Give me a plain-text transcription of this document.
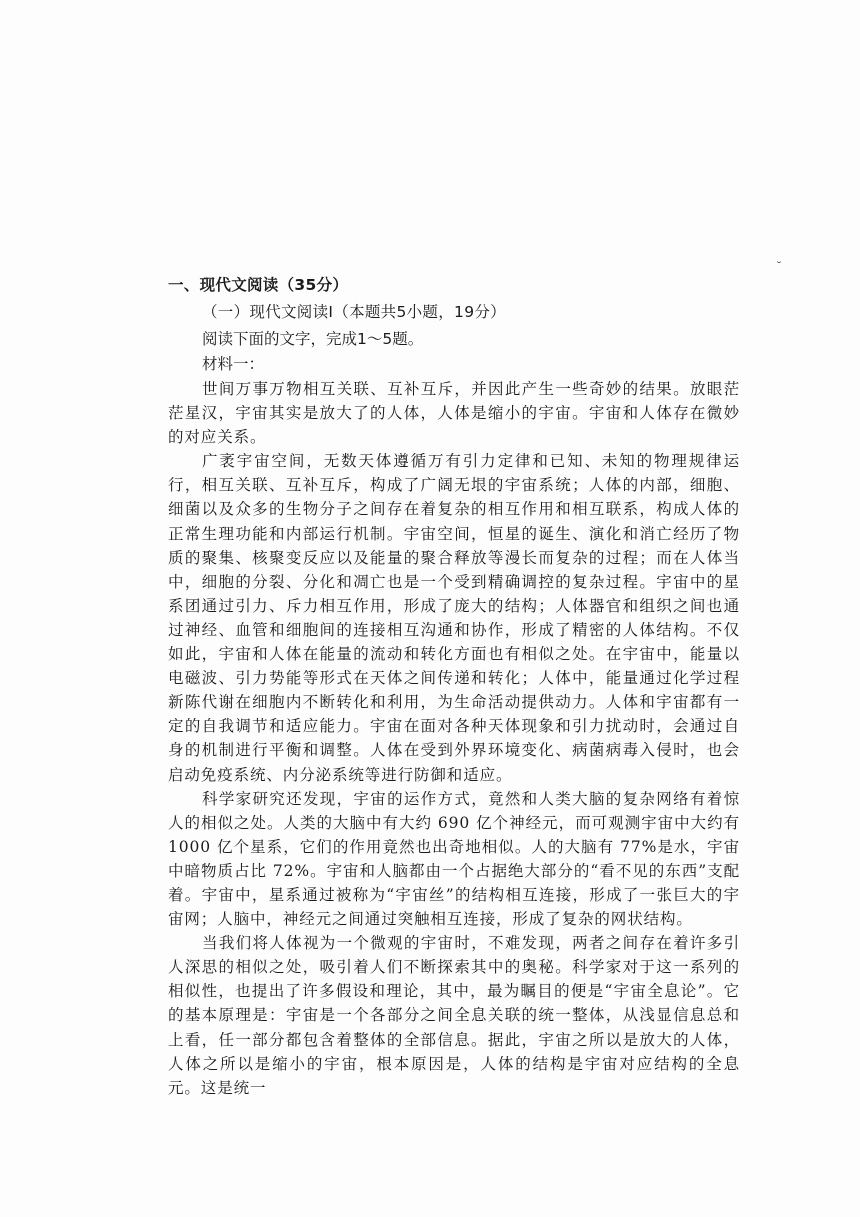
˘

一、现代文阅读（35分）

（一）现代文阅读Ⅰ（本题共5小题，19分）

阅读下面的文字，完成1～5题。

材料一：

世间万事万物相互关联、互补互斥，并因此产生一些奇妙的结果。放眼茫茫星汉，宇宙其实是放大了的人体，人体是缩小的宇宙。宇宙和人体存在微妙的对应关系。

广袤宇宙空间，无数天体遵循万有引力定律和已知、未知的物理规律运行，相互关联、互补互斥，构成了广阔无垠的宇宙系统；人体的内部，细胞、细菌以及众多的生物分子之间存在着复杂的相互作用和相互联系，构成人体的正常生理功能和内部运行机制。宇宙空间，恒星的诞生、演化和消亡经历了物质的聚集、核聚变反应以及能量的聚合释放等漫长而复杂的过程；而在人体当中，细胞的分裂、分化和凋亡也是一个受到精确调控的复杂过程。宇宙中的星系团通过引力、斥力相互作用，形成了庞大的结构；人体器官和组织之间也通过神经、血管和细胞间的连接相互沟通和协作，形成了精密的人体结构。不仅如此，宇宙和人体在能量的流动和转化方面也有相似之处。在宇宙中，能量以电磁波、引力势能等形式在天体之间传递和转化；人体中，能量通过化学过程新陈代谢在细胞内不断转化和利用，为生命活动提供动力。人体和宇宙都有一定的自我调节和适应能力。宇宙在面对各种天体现象和引力扰动时，会通过自身的机制进行平衡和调整。人体在受到外界环境变化、病菌病毒入侵时，也会启动免疫系统、内分泌系统等进行防御和适应。

科学家研究还发现，宇宙的运作方式，竟然和人类大脑的复杂网络有着惊人的相似之处。人类的大脑中有大约 690 亿个神经元，而可观测宇宙中大约有 1000 亿个星系，它们的作用竟然也出奇地相似。人的大脑有 77%是水，宇宙中暗物质占比 72%。宇宙和人脑都由一个占据绝大部分的“看不见的东西”支配着。宇宙中，星系通过被称为“宇宙丝”的结构相互连接，形成了一张巨大的宇宙网；人脑中，神经元之间通过突触相互连接，形成了复杂的网状结构。

当我们将人体视为一个微观的宇宙时，不难发现，两者之间存在着许多引人深思的相似之处，吸引着人们不断探索其中的奥秘。科学家对于这一系列的相似性，也提出了许多假设和理论，其中，最为瞩目的便是“宇宙全息论”。它的基本原理是：宇宙是一个各部分之间全息关联的统一整体，从浅显信息总和上看，任一部分都包含着整体的全部信息。据此，宇宙之所以是放大的人体，人体之所以是缩小的宇宙，根本原因是，人体的结构是宇宙对应结构的全息元。这是统一
